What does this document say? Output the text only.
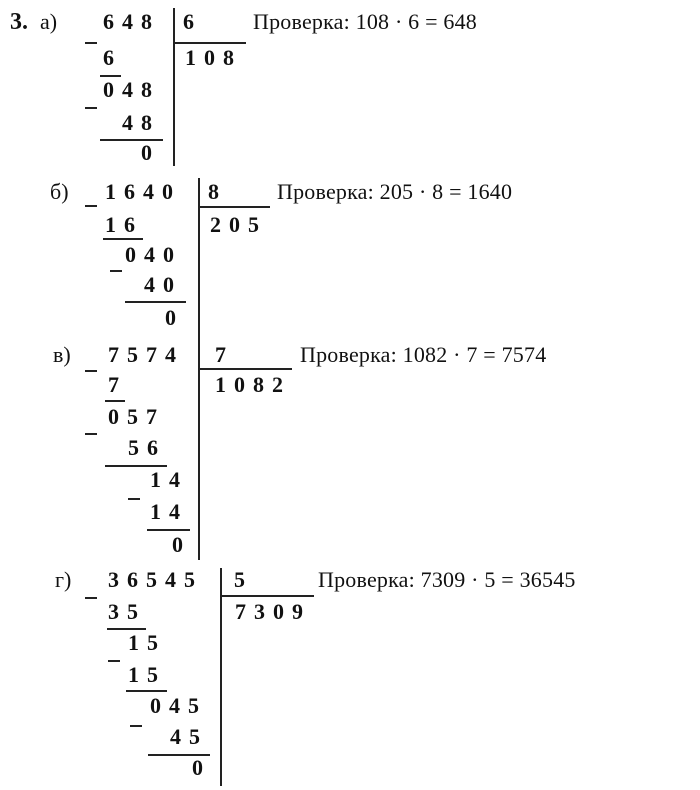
3. а) 648 6
108
6
048
48
0
Проверка: 108 · 6 = 648
б) 1640 8
205
16
040
40
0
Проверка: 205 · 8 = 1640
в) 7574 7
1082
7
057
56
14
14
0
Проверка: 1082 · 7 = 7574
г) 36545 5
7309
35
15
15
045
45
0
Проверка: 7309 · 5 = 36545
